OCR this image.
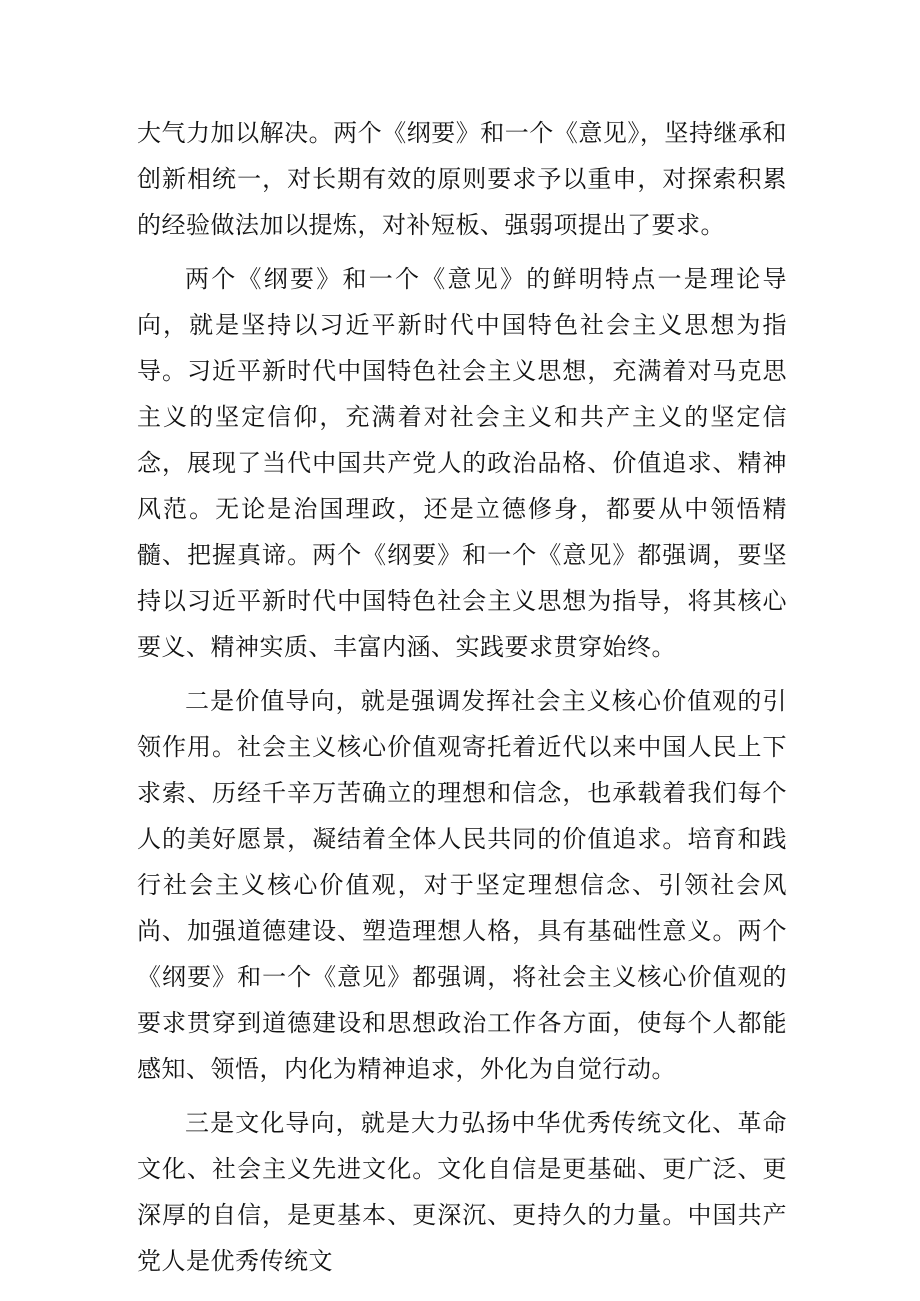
大气力加以解决。两个《纲要》和一个《意见》，坚持继承和创新相统一，对长期有效的原则要求予以重申，对探索积累的经验做法加以提炼，对补短板、强弱项提出了要求。

两个《纲要》和一个《意见》的鲜明特点一是理论导向，就是坚持以习近平新时代中国特色社会主义思想为指导。习近平新时代中国特色社会主义思想，充满着对马克思主义的坚定信仰，充满着对社会主义和共产主义的坚定信念，展现了当代中国共产党人的政治品格、价值追求、精神风范。无论是治国理政，还是立德修身，都要从中领悟精髓、把握真谛。两个《纲要》和一个《意见》都强调，要坚持以习近平新时代中国特色社会主义思想为指导，将其核心要义、精神实质、丰富内涵、实践要求贯穿始终。

二是价值导向，就是强调发挥社会主义核心价值观的引领作用。社会主义核心价值观寄托着近代以来中国人民上下求索、历经千辛万苦确立的理想和信念，也承载着我们每个人的美好愿景，凝结着全体人民共同的价值追求。培育和践行社会主义核心价值观，对于坚定理想信念、引领社会风尚、加强道德建设、塑造理想人格，具有基础性意义。两个《纲要》和一个《意见》都强调，将社会主义核心价值观的要求贯穿到道德建设和思想政治工作各方面，使每个人都能感知、领悟，内化为精神追求，外化为自觉行动。

三是文化导向，就是大力弘扬中华优秀传统文化、革命文化、社会主义先进文化。文化自信是更基础、更广泛、更深厚的自信，是更基本、更深沉、更持久的力量。中国共产党人是优秀传统文
